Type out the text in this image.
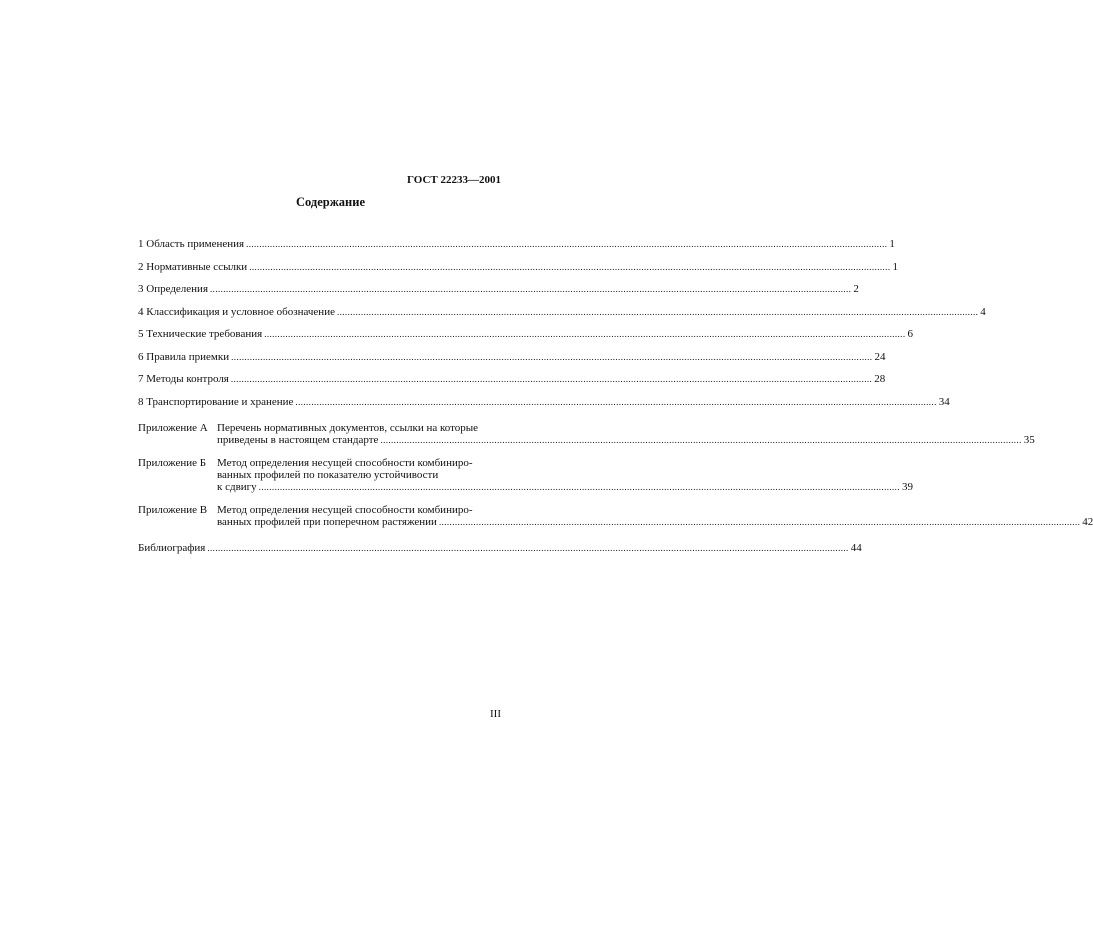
ГОСТ 22233—2001
Содержание
1 Область применения .....	1
2 Нормативные ссылки .....	1
3 Определения .....	2
4 Классификация и условное обозначение .....	4
5 Технические требования .....	6
6 Правила приемки .....	24
7 Методы контроля .....	28
8 Транспортирование и хранение .....	34
Приложение А Перечень нормативных документов, ссылки на которые
приведены в настоящем стандарте .....	35
Приложение Б Метод определения несущей способности комбиниро-
ванных профилей по показателю устойчивости
к сдвигу .....	39
Приложение В Метод определения несущей способности комбиниро-
ванных профилей при поперечном растяжении .....	42
Библиография .....	44
III
